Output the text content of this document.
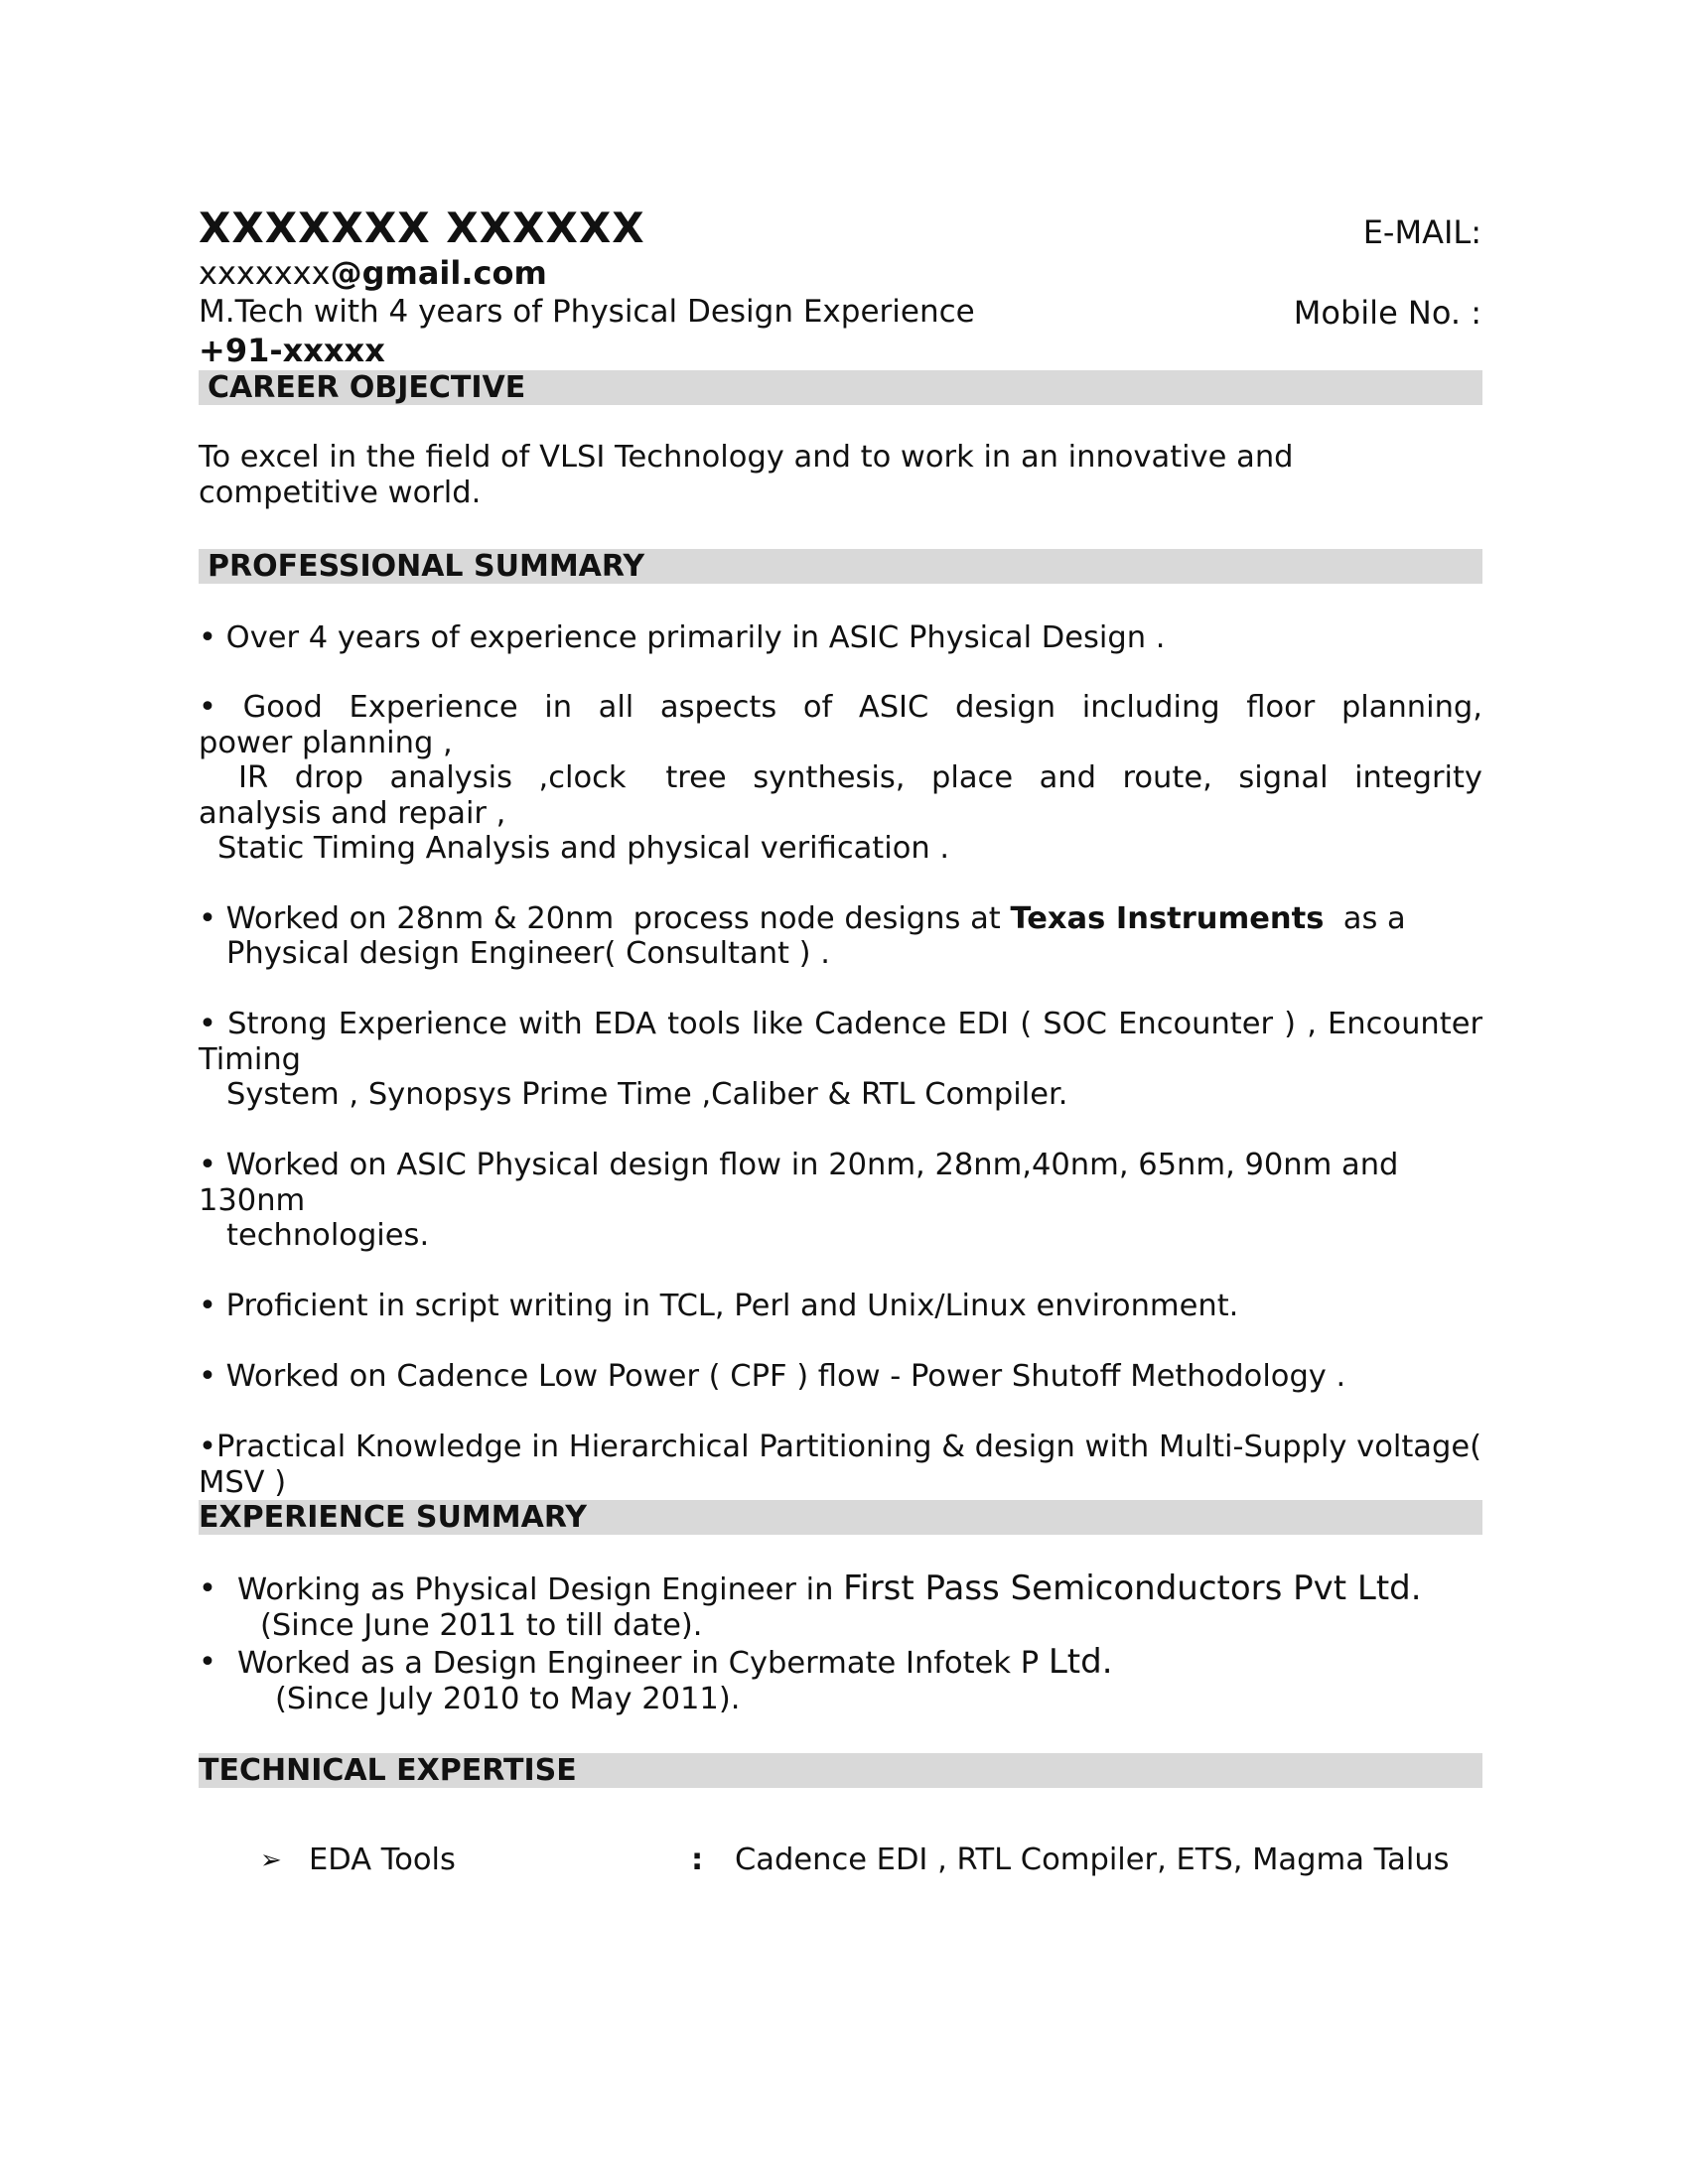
XXXXXXX XXXXXX	E-MAIL:
xxxxxxx@gmail.com
M.Tech with 4 years of Physical Design Experience	Mobile No. :
+91-xxxxx
CAREER OBJECTIVE
To excel in the field of VLSI Technology and to work in an innovative and competitive world.
PROFESSIONAL SUMMARY
• Over 4 years of experience primarily in ASIC Physical Design .
•  Good  Experience  in  all  aspects  of  ASIC  design  including  floor  planning,  power planning ,
IR  drop  analysis  ,clock   tree  synthesis,  place  and  route,  signal  integrity  analysis and repair ,
Static Timing Analysis and physical verification .
• Worked on 28nm & 20nm  process node designs at Texas Instruments  as a
Physical design Engineer( Consultant ) .
• Strong Experience with EDA tools like Cadence EDI ( SOC Encounter ) , Encounter Timing
System , Synopsys Prime Time ,Caliber & RTL Compiler.
• Worked on ASIC Physical design flow in 20nm, 28nm,40nm, 65nm, 90nm and 130nm
technologies.
• Proficient in script writing in TCL, Perl and Unix/Linux environment.
• Worked on Cadence Low Power ( CPF ) flow - Power Shutoff Methodology .
•Practical Knowledge in Hierarchical Partitioning & design with Multi-Supply voltage( MSV )
EXPERIENCE SUMMARY
• Working as Physical Design Engineer in First Pass Semiconductors Pvt Ltd.
(Since June 2011 to till date).
• Worked as a Design Engineer in Cybermate Infotek P Ltd.
(Since July 2010 to May 2011).
TECHNICAL EXPERTISE
➢ EDA Tools	: Cadence EDI , RTL Compiler, ETS, Magma Talus
